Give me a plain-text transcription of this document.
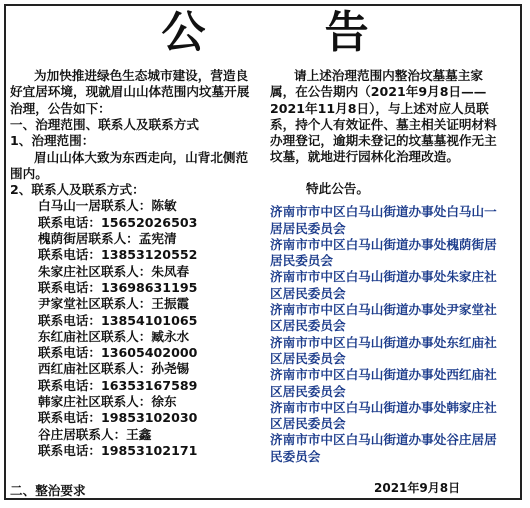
公 告
为加快推进绿色生态城市建设，营造良好宜居环境，现就眉山山体范围内坟墓开展治理，公告如下：
一、治理范围、联系人及联系方式
1、治理范围：
眉山山体大致为东西走向，山背北侧范围内。
2、联系人及联系方式：
白马山一居联系人：陈敏
联系电话：15652026503
槐荫街居联系人：孟宪清
联系电话：13853120552
朱家庄社区联系人：朱凤春
联系电话：13698631195
尹家堂社区联系人：王振霞
联系电话：13854101065
东红庙社区联系人：臧永水
联系电话：13605402000
西红庙社区联系人：孙尧锡
联系电话：16353167589
韩家庄社区联系人：徐东
联系电话：19853102030
谷庄居联系人：王鑫
联系电话：19853102171
二、整治要求
请上述治理范围内整治坟墓墓主家属，在公告期内（2021年9月8日——2021年11月8日），与上述对应人员联系，持个人有效证件、墓主相关证明材料办理登记，逾期未登记的坟墓墓视作无主坟墓，就地进行园林化治理改造。
特此公告。
济南市市中区白马山街道办事处白马山一居居民委员会
济南市市中区白马山街道办事处槐荫街居居民委员会
济南市市中区白马山街道办事处朱家庄社区居民委员会
济南市市中区白马山街道办事处尹家堂社区居民委员会
济南市市中区白马山街道办事处东红庙社区居民委员会
济南市市中区白马山街道办事处西红庙社区居民委员会
济南市市中区白马山街道办事处韩家庄社区居民委员会
济南市市中区白马山街道办事处谷庄居居民委员会
2021年9月8日
